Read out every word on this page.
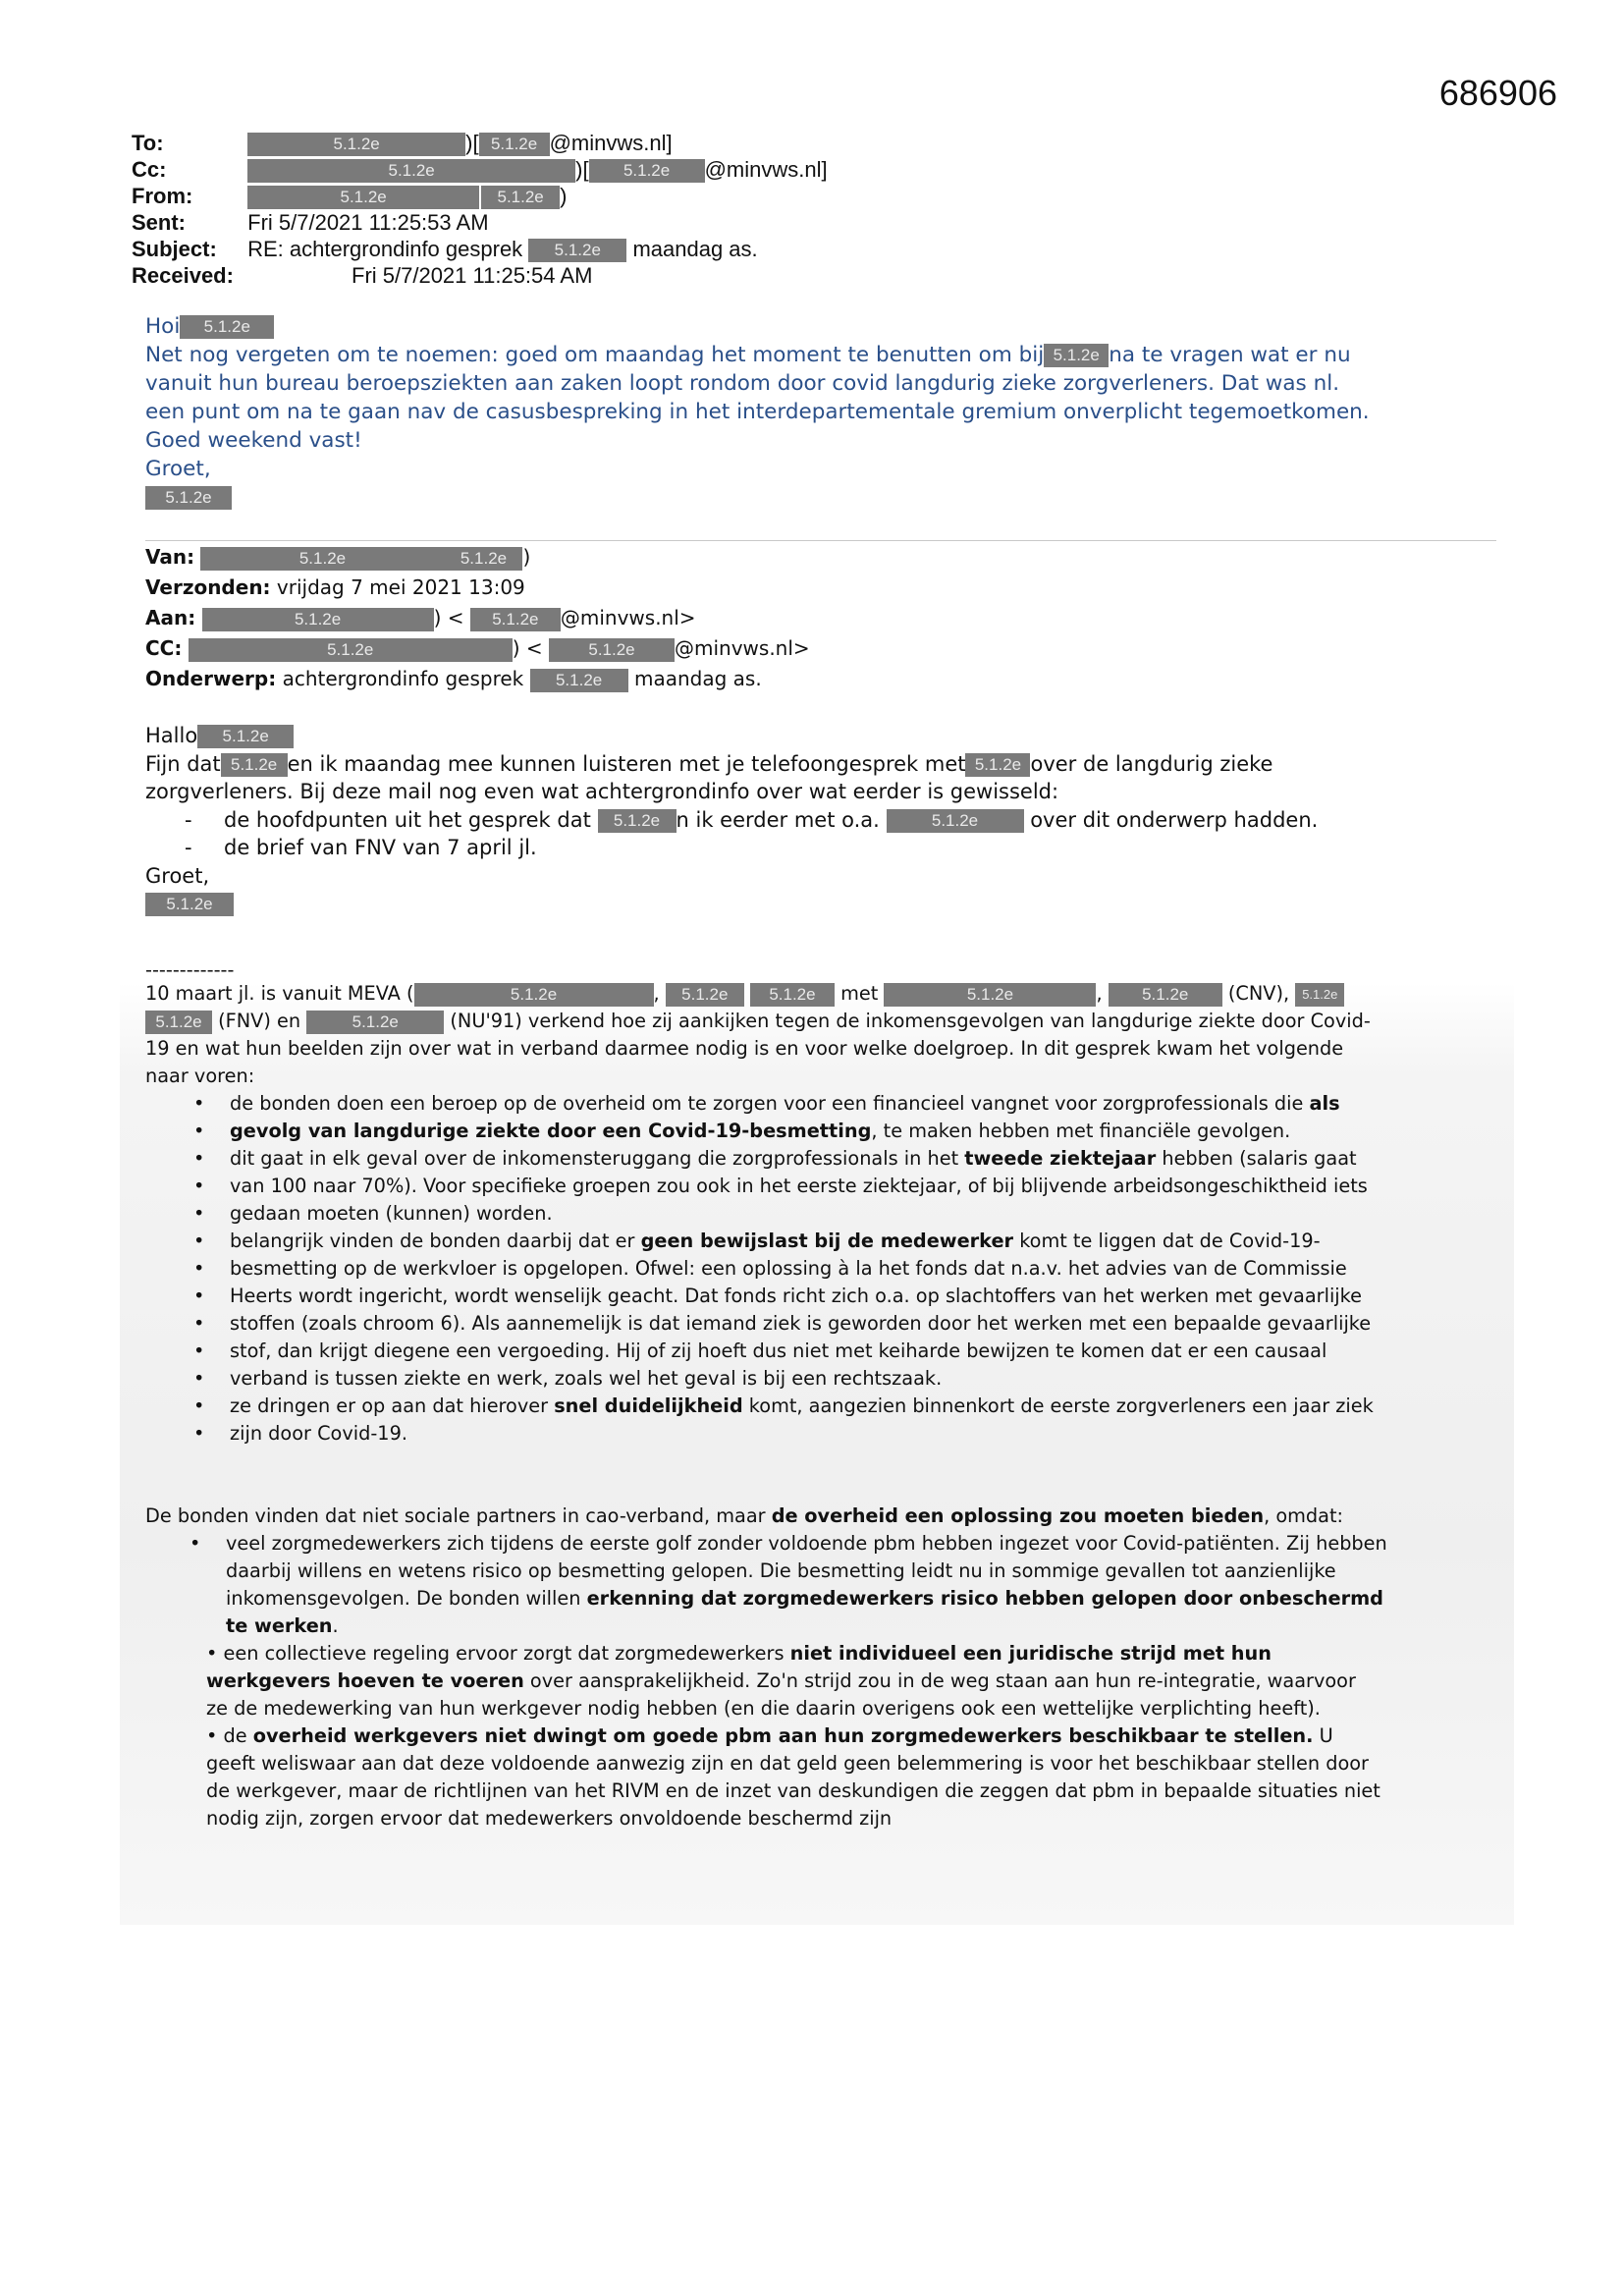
686906
To:	5.1.2e	)[ 5.1.2e @minvws.nl]
Cc:	5.1.2e	)[ 5.1.2e @minvws.nl]
From:	5.1.2e	5.1.2e )
Sent:	Fri 5/7/2021 11:25:53 AM
Subject: RE: achtergrondinfo gesprek 5.1.2e maandag as.
Received:	Fri 5/7/2021 11:25:54 AM

Hoi 5.1.2e

Net nog vergeten om te noemen: goed om maandag het moment te benutten om bij 5.1.2e na te vragen wat er nu

vanuit hun bureau beroepsziekten aan zaken loopt rondom door covid langdurig zieke zorgverleners. Dat was nl.

een punt om na te gaan nav de casusbespreking in het interdepartementale gremium onverplicht tegemoetkomen.

Goed weekend vast!

Groet,

5.1.2e

Van:	5.1.2e	5.1.2e )

Verzonden: vrijdag 7 mei 2021 13:09

Aan:	5.1.2e	) < 5.1.2e @minvws.nl>

CC:	5.1.2e	) <	5.1.2e @minvws.nl>

Onderwerp: achtergrondinfo gesprek 5.1.2e maandag as.

Hallo 5.1.2e

Fijn dat 5.1.2e en ik maandag mee kunnen luisteren met je telefoongesprek met 5.1.2e over de langdurig zieke

zorgverleners. Bij deze mail nog even wat achtergrondinfo over wat eerder is gewisseld:

- de hoofdpunten uit het gesprek dat 5.1.2e n ik eerder met o.a.	5.1.2e	over dit onderwerp hadden.

- de brief van FNV van 7 april jl.

Groet,

5.1.2e

-------------

10 maart jl. is vanuit MEVA (	5.1.2e	, 5.1.2e 5.1.2e met	5.1.2e	, 5.1.2e (CNV), 5.1.2e

5.1.2e (FNV) en	5.1.2e	(NU'91) verkend hoe zij aankijken tegen de inkomensgevolgen van langdurige ziekte door Covid-

19 en wat hun beelden zijn over wat in verband daarmee nodig is en voor welke doelgroep. In dit gesprek kwam het volgende

naar voren:

• de bonden doen een beroep op de overheid om te zorgen voor een financieel vangnet voor zorgprofessionals die als
• gevolg van langdurige ziekte door een Covid-19-besmetting, te maken hebben met financiële gevolgen.
• dit gaat in elk geval over de inkomensteruggang die zorgprofessionals in het tweede ziektejaar hebben (salaris gaat
• van 100 naar 70%). Voor specifieke groepen zou ook in het eerste ziektejaar, of bij blijvende arbeidsongeschiktheid iets
• gedaan moeten (kunnen) worden.
• belangrijk vinden de bonden daarbij dat er geen bewijslast bij de medewerker komt te liggen dat de Covid-19-
• besmetting op de werkvloer is opgelopen. Ofwel: een oplossing à la het fonds dat n.a.v. het advies van de Commissie
• Heerts wordt ingericht, wordt wenselijk geacht. Dat fonds richt zich o.a. op slachtoffers van het werken met gevaarlijke
• stoffen (zoals chroom 6). Als aannemelijk is dat iemand ziek is geworden door het werken met een bepaalde gevaarlijke
• stof, dan krijgt diegene een vergoeding. Hij of zij hoeft dus niet met keiharde bewijzen te komen dat er een causaal
• verband is tussen ziekte en werk, zoals wel het geval is bij een rechtszaak.
• ze dringen er op aan dat hierover snel duidelijkheid komt, aangezien binnenkort de eerste zorgverleners een jaar ziek
• zijn door Covid-19.

De bonden vinden dat niet sociale partners in cao-verband, maar de overheid een oplossing zou moeten bieden, omdat:

• veel zorgmedewerkers zich tijdens de eerste golf zonder voldoende pbm hebben ingezet voor Covid-patiënten. Zij hebben
daarbij willens en wetens risico op besmetting gelopen. Die besmetting leidt nu in sommige gevallen tot aanzienlijke
inkomensgevolgen. De bonden willen erkenning dat zorgmedewerkers risico hebben gelopen door onbeschermd
te werken.

• een collectieve regeling ervoor zorgt dat zorgmedewerkers niet individueel een juridische strijd met hun

werkgevers hoeven te voeren over aansprakelijkheid. Zo'n strijd zou in de weg staan aan hun re-integratie, waarvoor

ze de medewerking van hun werkgever nodig hebben (en die daarin overigens ook een wettelijke verplichting heeft).

• de overheid werkgevers niet dwingt om goede pbm aan hun zorgmedewerkers beschikbaar te stellen. U

geeft weliswaar aan dat deze voldoende aanwezig zijn en dat geld geen belemmering is voor het beschikbaar stellen door

de werkgever, maar de richtlijnen van het RIVM en de inzet van deskundigen die zeggen dat pbm in bepaalde situaties niet

nodig zijn, zorgen ervoor dat medewerkers onvoldoende beschermd zijn
